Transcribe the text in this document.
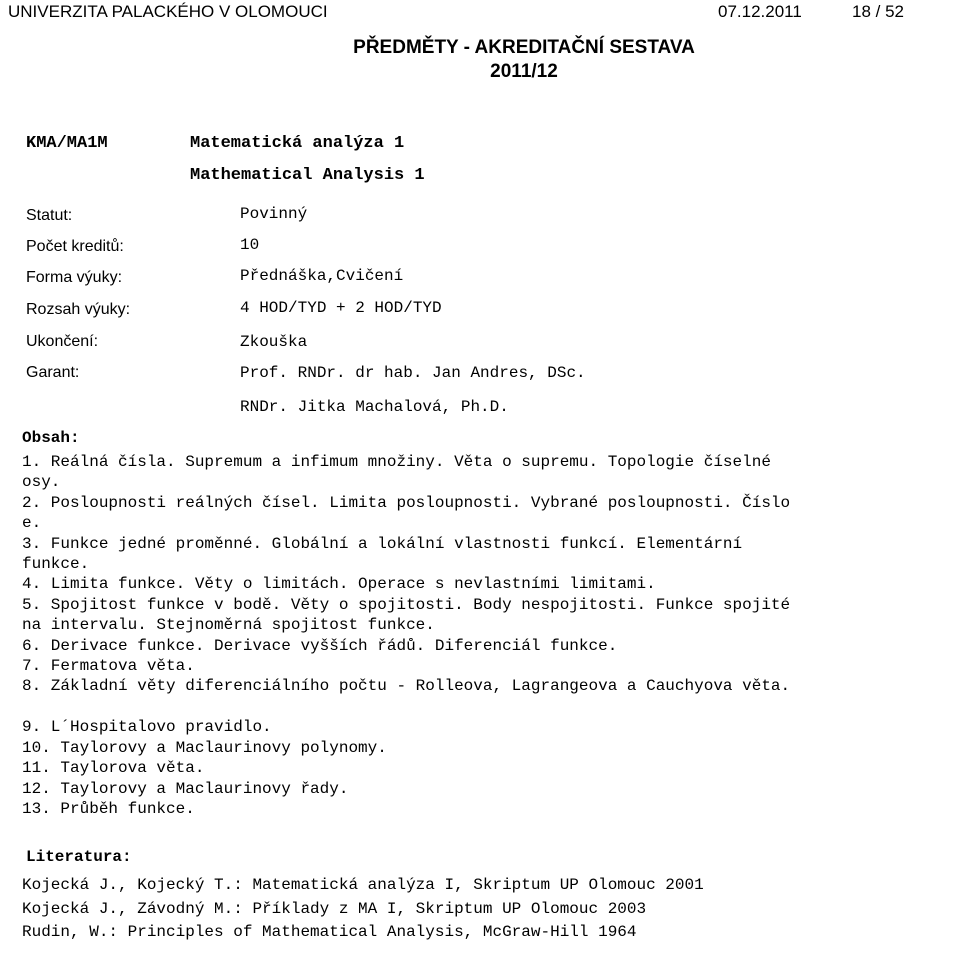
UNIVERZITA PALACKÉHO V OLOMOUCI	07.12.2011	18 / 52
PŘEDMĚTY - AKREDITAČNÍ SESTAVA
2011/12
KMA/MA1M	Matematická analýza 1
Mathematical Analysis 1
Statut:	Povinný
Počet kreditů:	10
Forma výuky:	Přednáška,Cvičení
Rozsah výuky:	4 HOD/TYD + 2 HOD/TYD
Ukončení:	Zkouška
Garant:	Prof. RNDr. dr hab. Jan Andres, DSc.
RNDr. Jitka Machalová, Ph.D.
Obsah:
1. Reálná čísla. Supremum a infimum množiny. Věta o supremu. Topologie číselné
osy.
2. Posloupnosti reálných čísel. Limita posloupnosti. Vybrané posloupnosti. Číslo
e.
3. Funkce jedné proměnné. Globální a lokální vlastnosti funkcí. Elementární
funkce.
4. Limita funkce. Věty o limitách. Operace s nevlastními limitami.
5. Spojitost funkce v bodě. Věty o spojitosti. Body nespojitosti. Funkce spojité
na intervalu. Stejnoměrná spojitost funkce.
6. Derivace funkce. Derivace vyšších řádů. Diferenciál funkce.
7. Fermatova věta.
8. Základní věty diferenciálního počtu - Rolleova, Lagrangeova a Cauchyova věta.

9. L´Hospitalovo pravidlo.
10. Taylorovy a Maclaurinovy polynomy.
11. Taylorova věta.
12. Taylorovy a Maclaurinovy řady.
13. Průběh funkce.
Literatura:
Kojecká J., Kojecký T.: Matematická analýza I, Skriptum UP Olomouc 2001
Kojecká J., Závodný M.: Příklady z MA I, Skriptum UP Olomouc 2003
Rudin, W.: Principles of Mathematical Analysis, McGraw-Hill 1964
